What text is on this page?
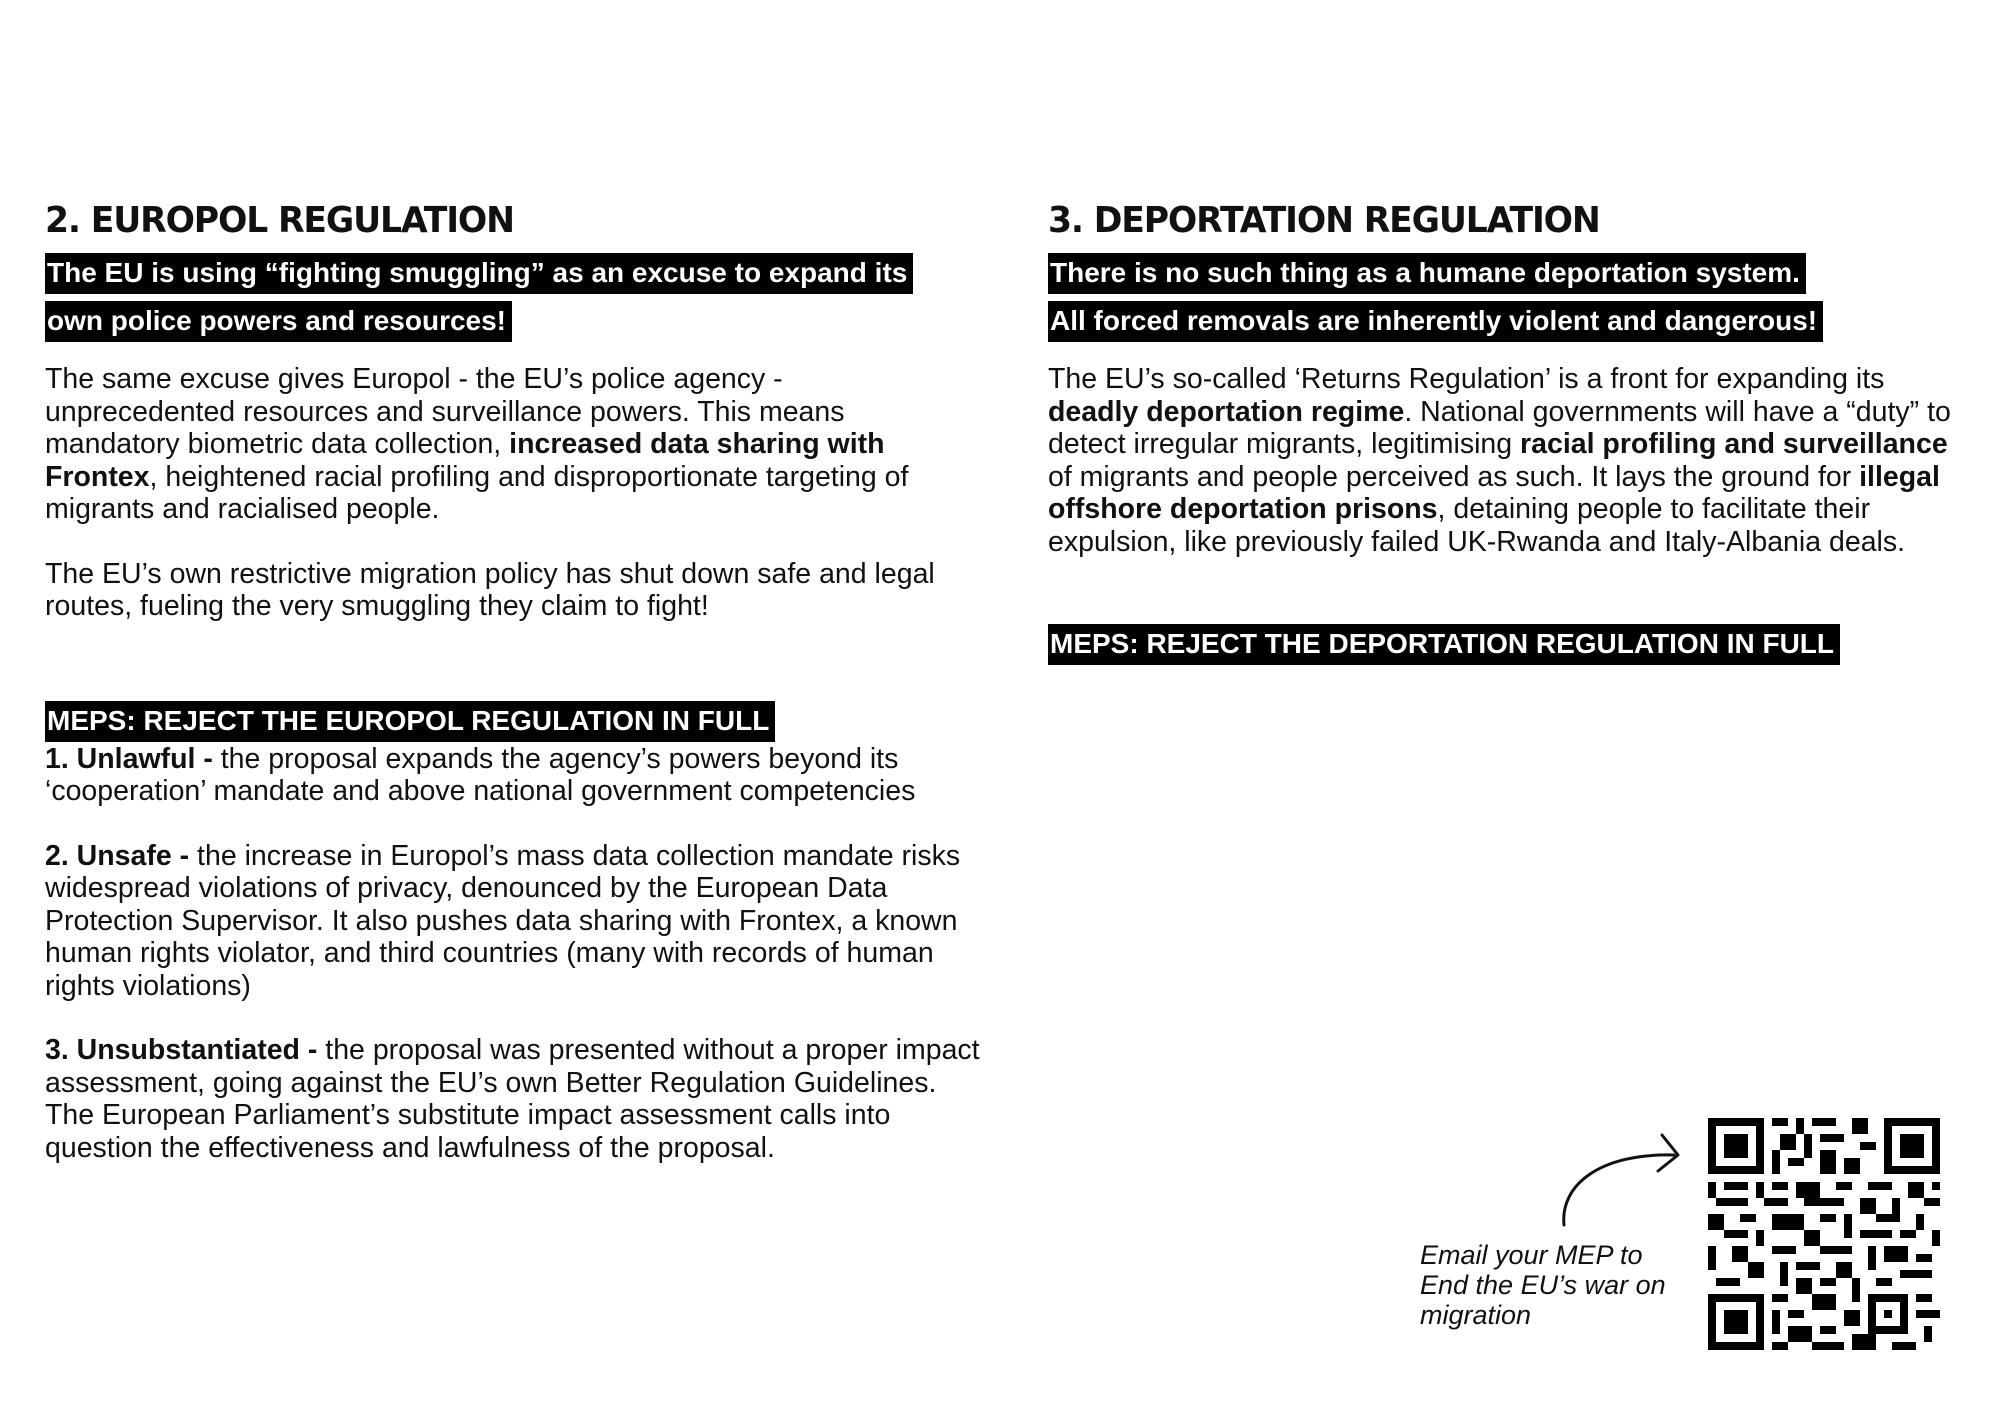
2. EUROPOL REGULATION
The EU is using “fighting smuggling” as an excuse to expand its
own police powers and resources!

The same excuse gives Europol - the EU’s police agency - unprecedented resources and surveillance powers. This means mandatory biometric data collection, increased data sharing with Frontex, heightened racial profiling and disproportionate targeting of migrants and racialised people.

The EU’s own restrictive migration policy has shut down safe and legal routes, fueling the very smuggling they claim to fight!

MEPS: REJECT THE EUROPOL REGULATION IN FULL

1. Unlawful - the proposal expands the agency’s powers beyond its ‘cooperation’ mandate and above national government competencies

2. Unsafe - the increase in Europol’s mass data collection mandate risks widespread violations of privacy, denounced by the European Data Protection Supervisor. It also pushes data sharing with Frontex, a known human rights violator, and third countries (many with records of human rights violations)

3. Unsubstantiated - the proposal was presented without a proper impact assessment, going against the EU’s own Better Regulation Guidelines. The European Parliament’s substitute impact assessment calls into question the effectiveness and lawfulness of the proposal.

3. DEPORTATION REGULATION
There is no such thing as a humane deportation system.
All forced removals are inherently violent and dangerous!

The EU’s so-called ‘Returns Regulation’ is a front for expanding its deadly deportation regime. National governments will have a “duty” to detect irregular migrants, legitimising racial profiling and surveillance of migrants and people perceived as such. It lays the ground for illegal offshore deportation prisons, detaining people to facilitate their expulsion, like previously failed UK-Rwanda and Italy-Albania deals.

MEPS: REJECT THE DEPORTATION REGULATION IN FULL
Email your MEP to
End the EU’s war on
migration
